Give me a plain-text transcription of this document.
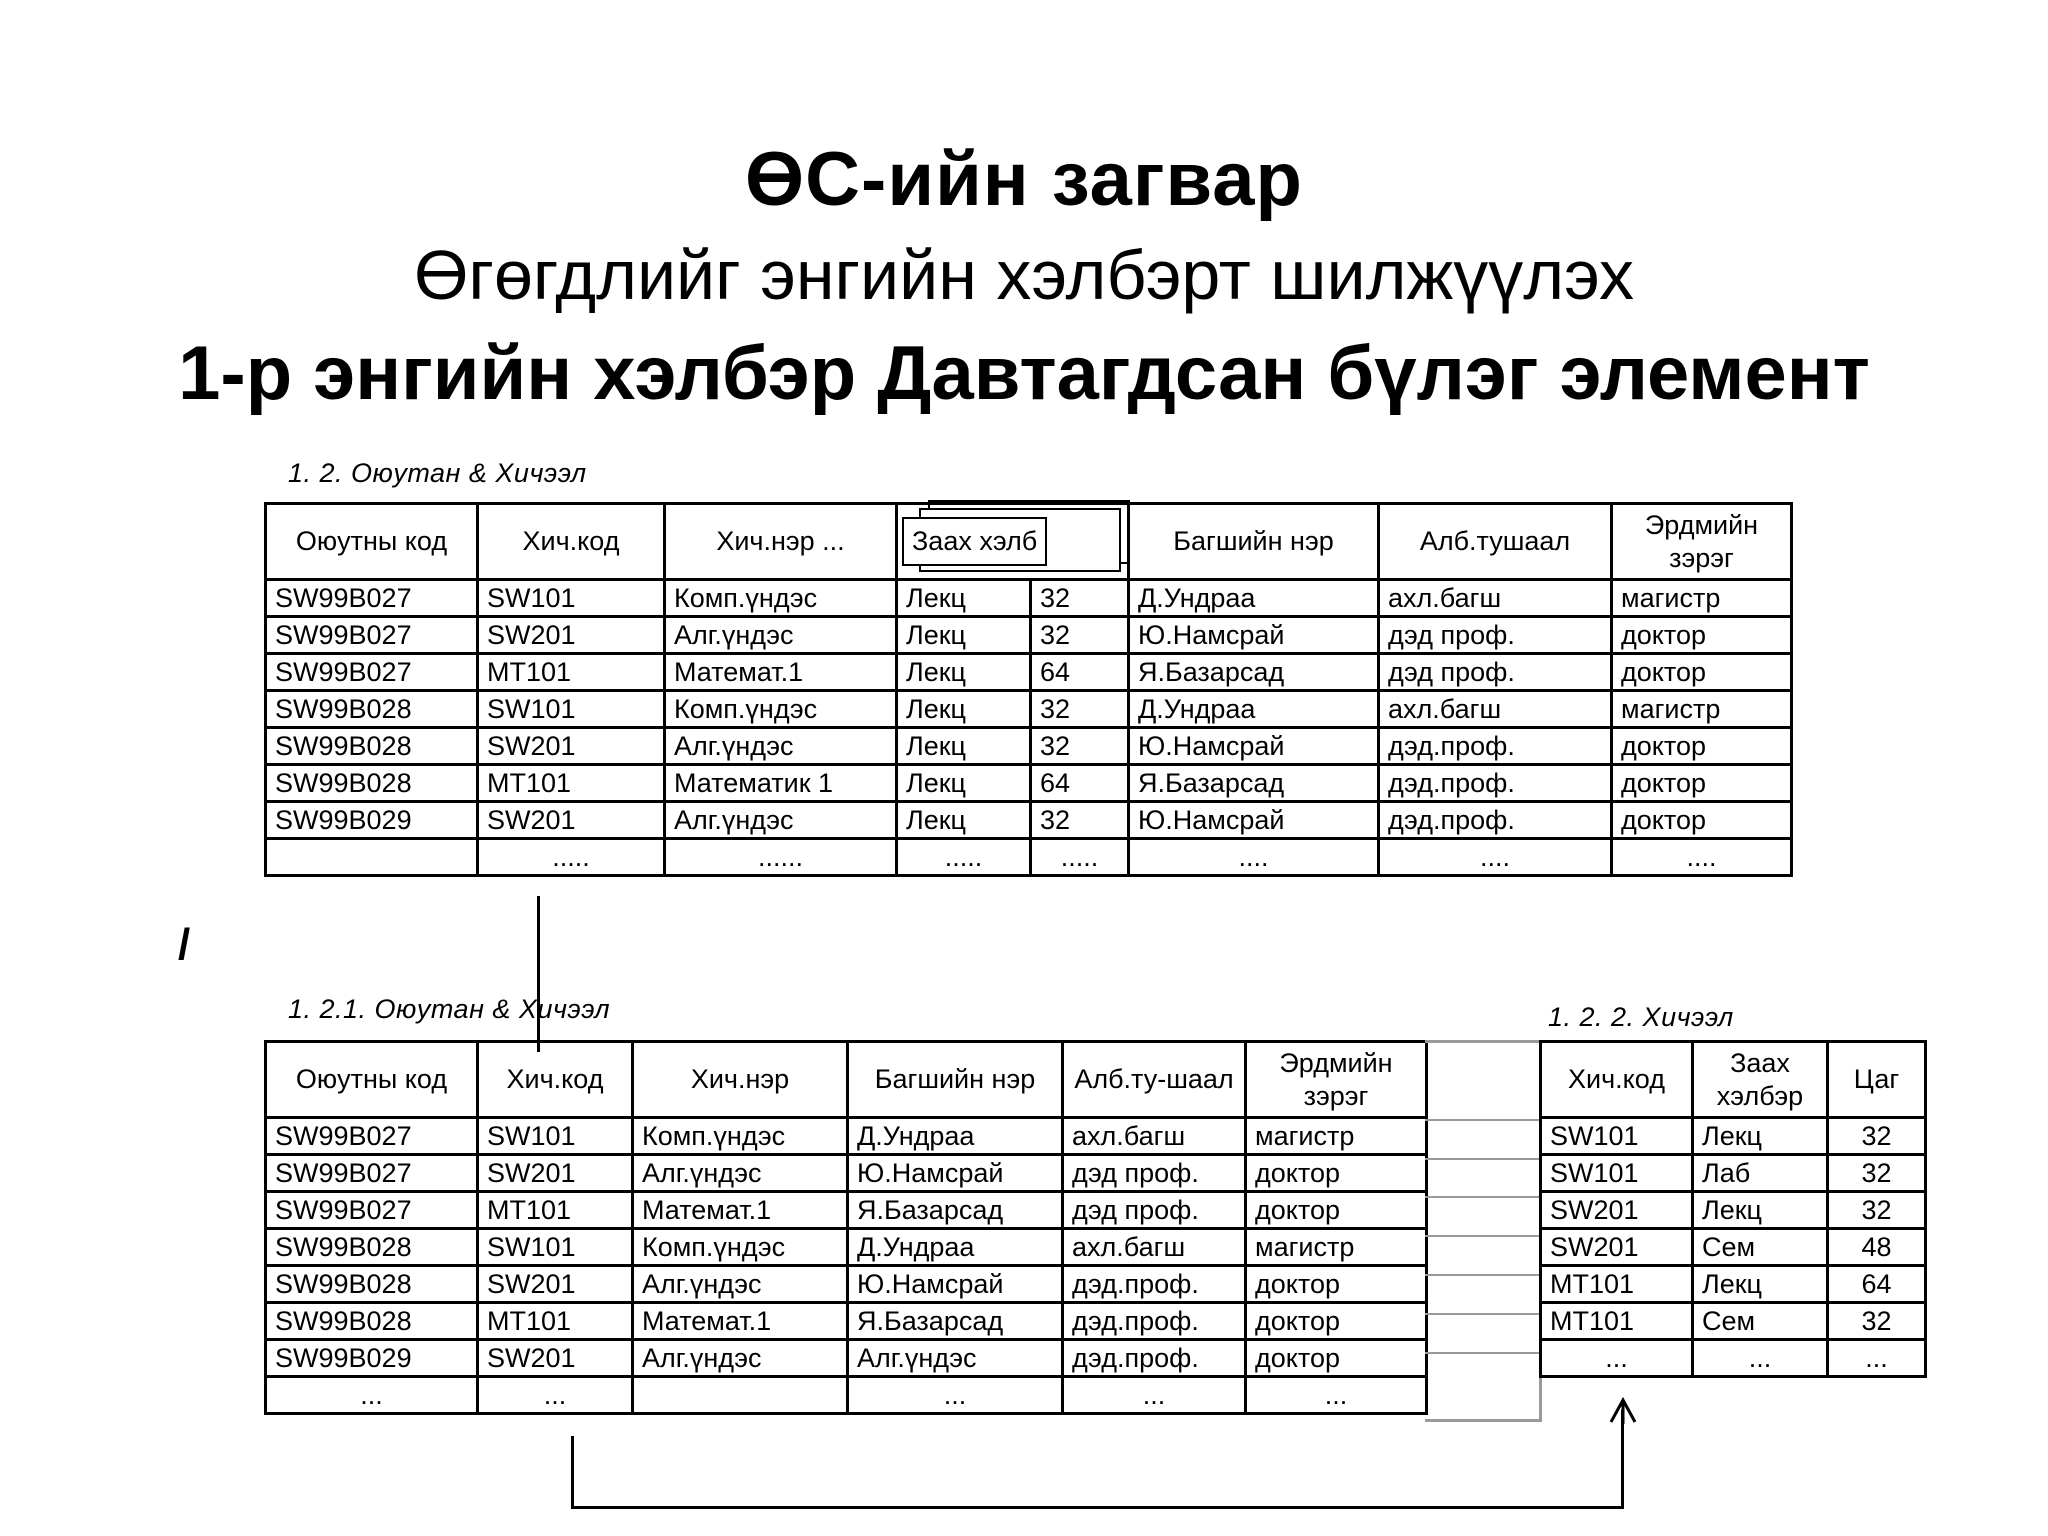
ӨС-ийн загвар
Өгөгдлийг энгийн хэлбэрт шилжүүлэх
1-р энгийн хэлбэр Давтагдсан бүлэг элемент
1. 2. Оюутан & Хичээл
Оюутны код	Хич.код	Хич.нэр ...	Заах хэлб		Багшийн нэр	Алб.тушаал	Эрдмийн зэрэг
SW99B027	SW101	Комп.үндэс	Лекц	32	Д.Ундраа	ахл.багш	магистр
SW99B027	SW201	Алг.үндэс	Лекц	32	Ю.Намсрай	дэд проф.	доктор
SW99B027	MT101	Математ.1	Лекц	64	Я.Базарсад	дэд проф.	доктор
SW99B028	SW101	Комп.үндэс	Лекц	32	Д.Ундраа	ахл.багш	магистр
SW99B028	SW201	Алг.үндэс	Лекц	32	Ю.Намсрай	дэд.проф.	доктор
SW99B028	MT101	Математик 1	Лекц	64	Я.Базарсад	дэд.проф.	доктор
SW99B029	SW201	Алг.үндэс	Лекц	32	Ю.Намсрай	дэд.проф.	доктор
	.....	......	.....	.....	....	....	....
/
1. 2.1. Оюутан & Хичээл
Оюутны код	Хич.код	Хич.нэр	Багшийн нэр	Алб.ту-шаал	Эрдмийн зэрэг
SW99B027	SW101	Комп.үндэс	Д.Ундраа	ахл.багш	магистр
SW99B027	SW201	Алг.үндэс	Ю.Намсрай	дэд проф.	доктор
SW99B027	MT101	Математ.1	Я.Базарсад	дэд проф.	доктор
SW99B028	SW101	Комп.үндэс	Д.Ундраа	ахл.багш	магистр
SW99B028	SW201	Алг.үндэс	Ю.Намсрай	дэд.проф.	доктор
SW99B028	MT101	Математ.1	Я.Базарсад	дэд.проф.	доктор
SW99B029	SW201	Алг.үндэс	Алг.үндэс	дэд.проф.	доктор
...	...		...	...	...
1. 2. 2. Хичээл
Хич.код	Заах хэлбэр	Цаг
SW101	Лекц	32
SW101	Лаб	32
SW201	Лекц	32
SW201	Сем	48
MT101	Лекц	64
MT101	Сем	32
...	...	...
